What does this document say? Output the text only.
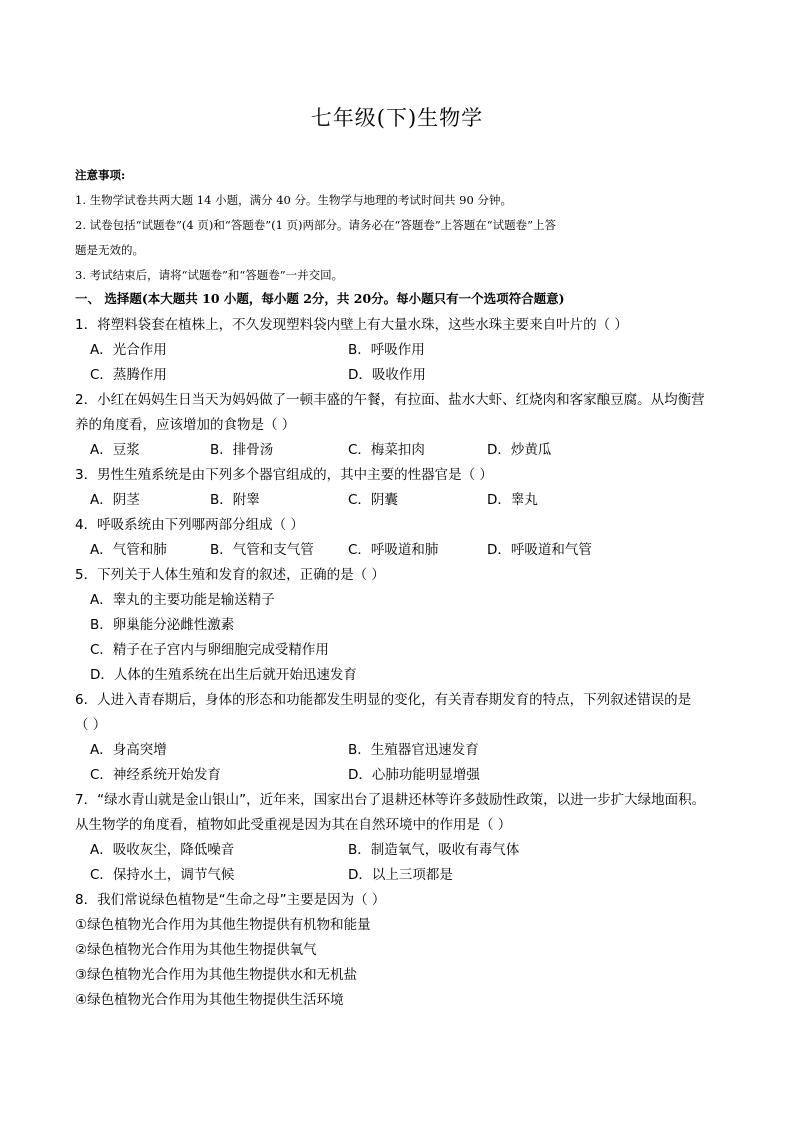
七年级(下)生物学
注意事项:
1. 生物学试卷共两大题 14 小题，满分 40 分。生物学与地理的考试时间共 90 分钟。
2. 试卷包括“试题卷”(4 页)和“答题卷”(1 页)两部分。请务必在“答题卷”上答题在“试题卷”上答
题是无效的。
3. 考试结束后，请将“试题卷”和“答题卷”一并交回。
一、 选择题(本大题共 10 小题，每小题 2分，共 20分。每小题只有一个选项符合题意)
1．将塑料袋套在植株上，不久发现塑料袋内壁上有大量水珠，这些水珠主要来自叶片的（ ）
A．光合作用	B．呼吸作用
C．蒸腾作用	D．吸收作用
2．小红在妈妈生日当天为妈妈做了一顿丰盛的午餐，有拉面、盐水大虾、红烧肉和客家酿豆腐。从均衡营
养的角度看，应该增加的食物是（ ）
A．豆浆	B．排骨汤	C．梅菜扣肉	D．炒黄瓜
3．男性生殖系统是由下列多个器官组成的，其中主要的性器官是（ ）
A．阴茎	B．附睾	C．阴囊	D．睾丸
4．呼吸系统由下列哪两部分组成（ ）
A．气管和肺	B．气管和支气管	C．呼吸道和肺	D．呼吸道和气管
5．下列关于人体生殖和发育的叙述，正确的是（ ）
A．睾丸的主要功能是输送精子
B．卵巢能分泌雌性激素
C．精子在子宫内与卵细胞完成受精作用
D．人体的生殖系统在出生后就开始迅速发育
6．人进入青春期后，身体的形态和功能都发生明显的变化，有关青春期发育的特点，下列叙述错误的是
（ ）
A．身高突增	B．生殖器官迅速发育
C．神经系统开始发育	D．心肺功能明显增强
7．“绿水青山就是金山银山”，近年来，国家出台了退耕还林等许多鼓励性政策，以进一步扩大绿地面积。
从生物学的角度看，植物如此受重视是因为其在自然环境中的作用是（ ）
A．吸收灰尘，降低噪音	B．制造氧气，吸收有毒气体
C．保持水土，调节气候	D．以上三项都是
8．我们常说绿色植物是“生命之母”主要是因为（ ）
①绿色植物光合作用为其他生物提供有机物和能量
②绿色植物光合作用为其他生物提供氧气
③绿色植物光合作用为其他生物提供水和无机盐
④绿色植物光合作用为其他生物提供生活环境
